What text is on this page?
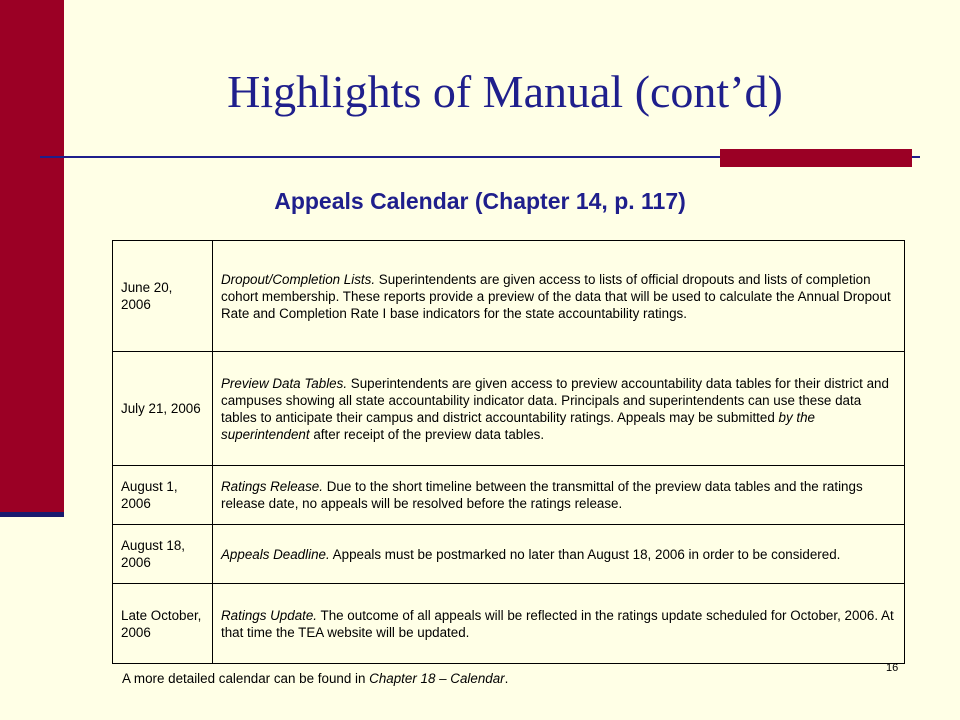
Highlights of Manual (cont’d)
Appeals Calendar (Chapter 14, p. 117)
June 20, 2006	Dropout/Completion Lists. Superintendents are given access to lists of official dropouts and lists of completion cohort membership. These reports provide a preview of the data that will be used to calculate the Annual Dropout Rate and Completion Rate I base indicators for the state accountability ratings.
July 21, 2006	Preview Data Tables. Superintendents are given access to preview accountability data tables for their district and campuses showing all state accountability indicator data. Principals and superintendents can use these data tables to anticipate their campus and district accountability ratings. Appeals may be submitted by the superintendent after receipt of the preview data tables.
August 1, 2006	Ratings Release. Due to the short timeline between the transmittal of the preview data tables and the ratings release date, no appeals will be resolved before the ratings release.
August 18, 2006	Appeals Deadline. Appeals must be postmarked no later than August 18, 2006 in order to be considered.
Late October, 2006	Ratings Update. The outcome of all appeals will be reflected in the ratings update scheduled for October, 2006. At that time the TEA website will be updated.
A more detailed calendar can be found in Chapter 18 – Calendar.
16
